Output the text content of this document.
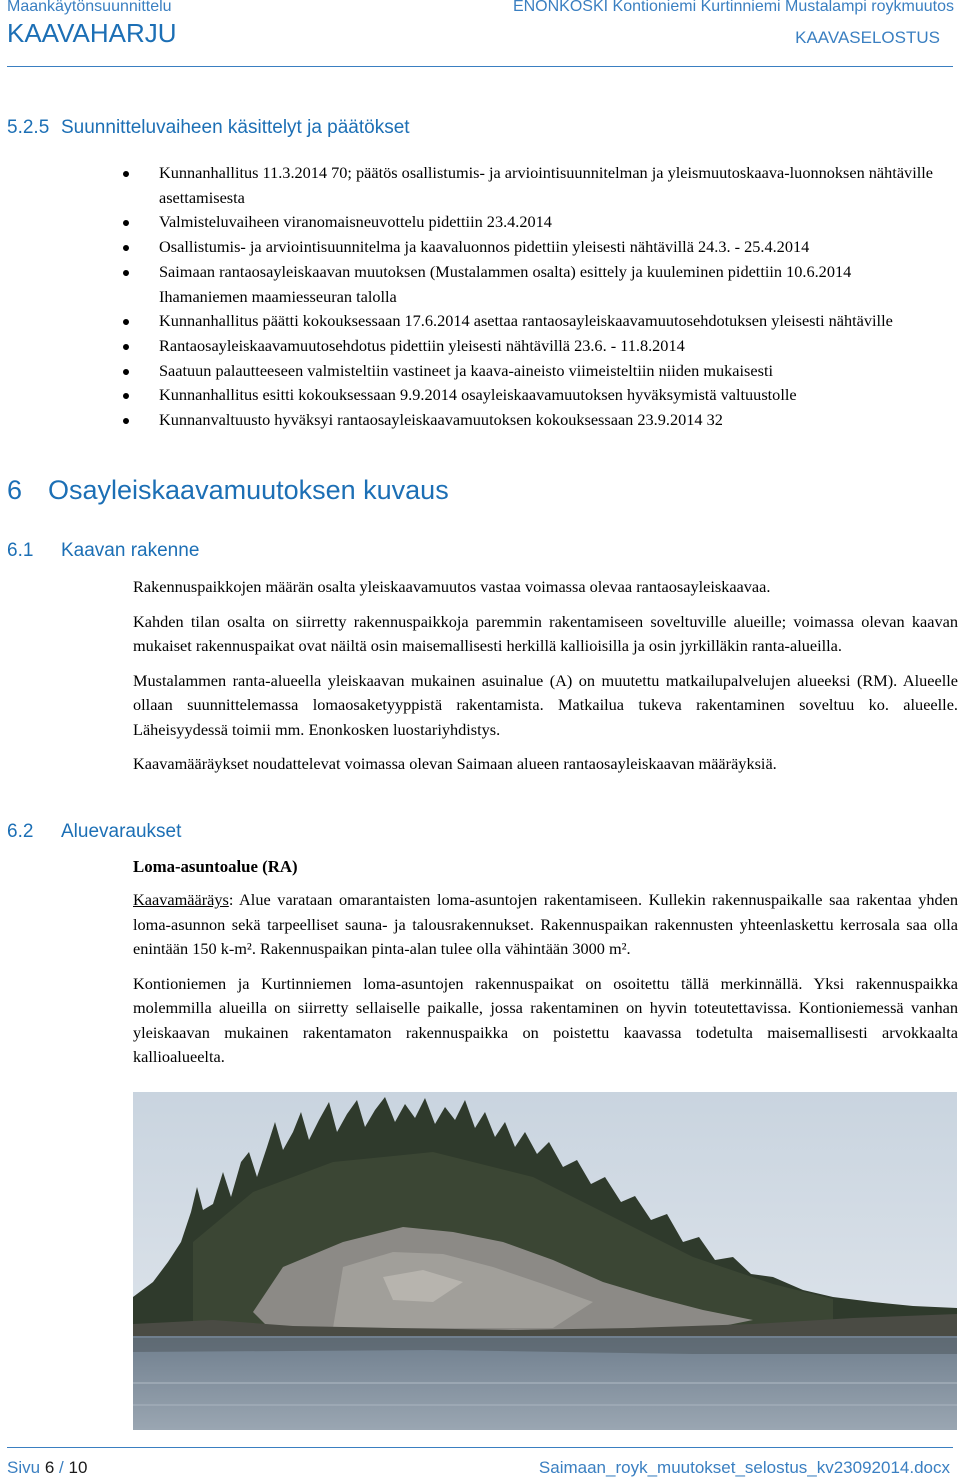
Maankäytönsuunnittelu
KAAVAHARJU
ENONKOSKI Kontioniemi Kurtinniemi Mustalampi roykmuutos
KAAVASELOSTUS
5.2.5 Suunnitteluvaiheen käsittelyt ja päätökset
Kunnanhallitus 11.3.2014 70; päätös osallistumis- ja arviointisuunnitelman ja yleismuutoskaava-luonnoksen nähtäville asettamisesta
Valmisteluvaiheen viranomaisneuvottelu pidettiin 23.4.2014
Osallistumis- ja arviointisuunnitelma ja kaavaluonnos pidettiin yleisesti nähtävillä 24.3. - 25.4.2014
Saimaan rantaosayleiskaavan muutoksen (Mustalammen osalta) esittely ja kuuleminen pidettiin 10.6.2014 Ihamaniemen maamiesseuran talolla
Kunnanhallitus päätti kokouksessaan 17.6.2014 asettaa rantaosayleiskaavamuutosehdotuksen yleisesti nähtäville
Rantaosayleiskaavamuutosehdotus pidettiin yleisesti nähtävillä 23.6. - 11.8.2014
Saatuun palautteeseen valmisteltiin vastineet ja kaava-aineisto viimeisteltiin niiden mukaisesti
Kunnanhallitus esitti kokouksessaan 9.9.2014 osayleiskaavamuutoksen hyväksymistä valtuustolle
Kunnanvaltuusto hyväksyi rantaosayleiskaavamuutoksen kokouksessaan 23.9.2014 32
6 Osayleiskaavamuutoksen kuvaus
6.1 Kaavan rakenne

Rakennuspaikkojen määrän osalta yleiskaavamuutos vastaa voimassa olevaa rantaosayleiskaavaa.

Kahden tilan osalta on siirretty rakennuspaikkoja paremmin rakentamiseen soveltuville alueille; voimassa olevan kaavan mukaiset rakennuspaikat ovat näiltä osin maisemallisesti herkillä kallioisilla ja osin jyrkilläkin ranta-alueilla.

Mustalammen ranta-alueella yleiskaavan mukainen asuinalue (A) on muutettu matkailupalvelujen alueeksi (RM). Alueelle ollaan suunnittelemassa lomaosaketyyppistä rakentamista. Matkailua tukeva rakentaminen soveltuu ko. alueelle. Läheisyydessä toimii mm. Enonkosken luostariyhdistys.

Kaavamääräykset noudattelevat voimassa olevan Saimaan alueen rantaosayleiskaavan määräyksiä.

6.2 Aluevaraukset
Loma-asuntoalue (RA)

Kaavamääräys: Alue varataan omarantaisten loma-asuntojen rakentamiseen. Kullekin rakennuspaikalle saa rakentaa yhden loma-asunnon sekä tarpeelliset sauna- ja talousrakennukset. Rakennuspaikan rakennusten yhteenlaskettu kerrosala saa olla enintään 150 k-m². Rakennuspaikan pinta-alan tulee olla vähintään 3000 m².

Kontioniemen ja Kurtinniemen loma-asuntojen rakennuspaikat on osoitettu tällä merkinnällä. Yksi rakennuspaikka molemmilla alueilla on siirretty sellaiselle paikalle, jossa rakentaminen on hyvin toteutettavissa. Kontioniemessä vanhan yleiskaavan mukainen rakentamaton rakennuspaikka on poistettu kaavassa todetulta maisemallisesti arvokkaalta kallioalueelta.

Sivu 6 / 10	Saimaan_royk_muutokset_selostus_kv23092014.docx
